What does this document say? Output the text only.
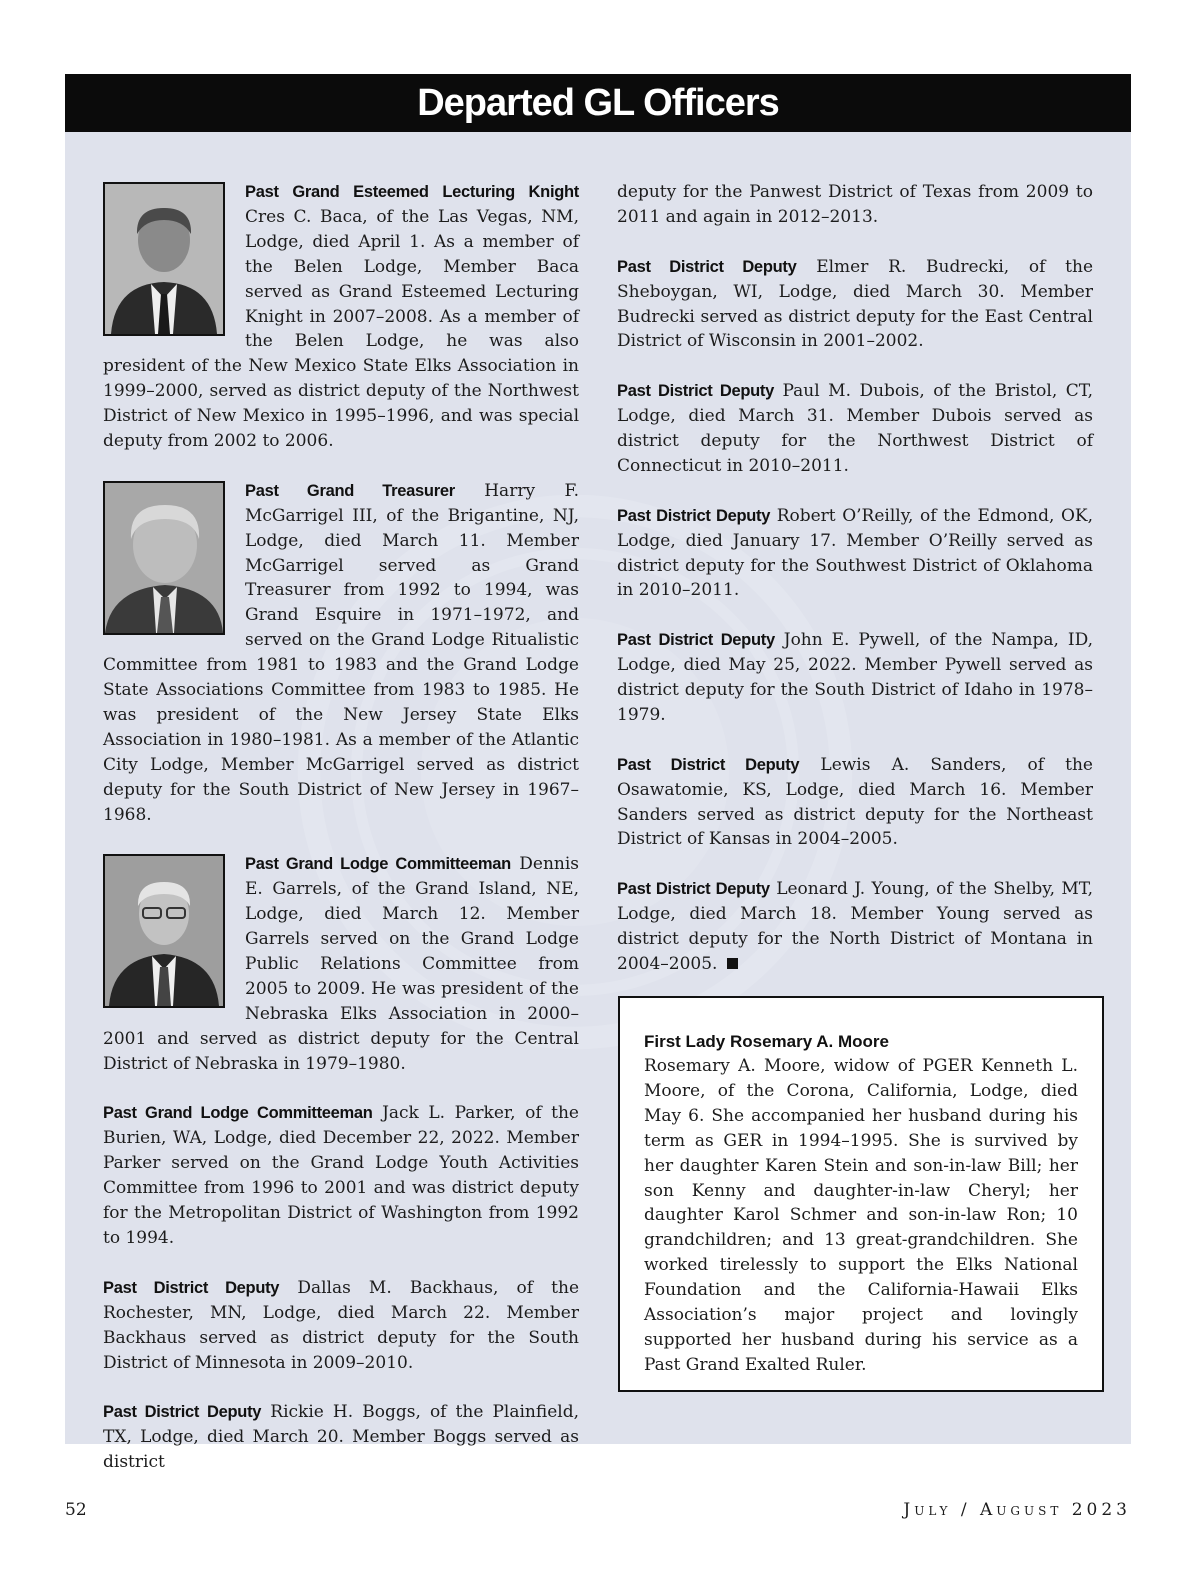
Departed GL Officers
Past Grand Esteemed Lecturing Knight Cres C. Baca, of the Las Vegas, NM, Lodge, died April 1. As a member of the Belen Lodge, Member Baca served as Grand Esteemed Lecturing Knight in 2007–2008. As a member of the Belen Lodge, he was also president of the New Mexico State Elks Association in 1999–2000, served as district deputy of the Northwest District of New Mexico in 1995–1996, and was special deputy from 2002 to 2006.
Past Grand Treasurer Harry F. McGarrigel III, of the Brigantine, NJ, Lodge, died March 11. Member McGarrigel served as Grand Treasurer from 1992 to 1994, was Grand Esquire in 1971–1972, and served on the Grand Lodge Ritualistic Committee from 1981 to 1983 and the Grand Lodge State Associations Committee from 1983 to 1985. He was president of the New Jersey State Elks Association in 1980–1981. As a member of the Atlantic City Lodge, Member McGarrigel served as district deputy for the South District of New Jersey in 1967–1968.
Past Grand Lodge Committeeman Dennis E. Garrels, of the Grand Island, NE, Lodge, died March 12. Member Garrels served on the Grand Lodge Public Relations Committee from 2005 to 2009. He was president of the Nebraska Elks Association in 2000–2001 and served as district deputy for the Central District of Nebraska in 1979–1980.
Past Grand Lodge Committeeman Jack L. Parker, of the Burien, WA, Lodge, died December 22, 2022. Member Parker served on the Grand Lodge Youth Activities Committee from 1996 to 2001 and was district deputy for the Metropolitan District of Washington from 1992 to 1994.
Past District Deputy Dallas M. Backhaus, of the Rochester, MN, Lodge, died March 22. Member Backhaus served as district deputy for the South District of Minnesota in 2009–2010.
Past District Deputy Rickie H. Boggs, of the Plainfield, TX, Lodge, died March 20. Member Boggs served as district
deputy for the Panwest District of Texas from 2009 to 2011 and again in 2012–2013.
Past District Deputy Elmer R. Budrecki, of the Sheboygan, WI, Lodge, died March 30. Member Budrecki served as district deputy for the East Central District of Wisconsin in 2001–2002.
Past District Deputy Paul M. Dubois, of the Bristol, CT, Lodge, died March 31. Member Dubois served as district deputy for the Northwest District of Connecticut in 2010–2011.
Past District Deputy Robert O’Reilly, of the Edmond, OK, Lodge, died January 17. Member O’Reilly served as district deputy for the Southwest District of Oklahoma in 2010–2011.
Past District Deputy John E. Pywell, of the Nampa, ID, Lodge, died May 25, 2022. Member Pywell served as district deputy for the South District of Idaho in 1978–1979.
Past District Deputy Lewis A. Sanders, of the Osawatomie, KS, Lodge, died March 16. Member Sanders served as district deputy for the Northeast District of Kansas in 2004–2005.
Past District Deputy Leonard J. Young, of the Shelby, MT, Lodge, died March 18. Member Young served as district deputy for the North District of Montana in 2004–2005.
First Lady Rosemary A. Moore
Rosemary A. Moore, widow of PGER Kenneth L. Moore, of the Corona, California, Lodge, died May 6. She accompanied her husband during his term as GER in 1994–1995. She is survived by her daughter Karen Stein and son-in-law Bill; her son Kenny and daughter-in-law Cheryl; her daughter Karol Schmer and son-in-law Ron; 10 grandchildren; and 13 great-grandchildren. She worked tirelessly to support the Elks National Foundation and the California-Hawaii Elks Association’s major project and lovingly supported her husband during his service as a Past Grand Exalted Ruler.
52	July / August 2023
